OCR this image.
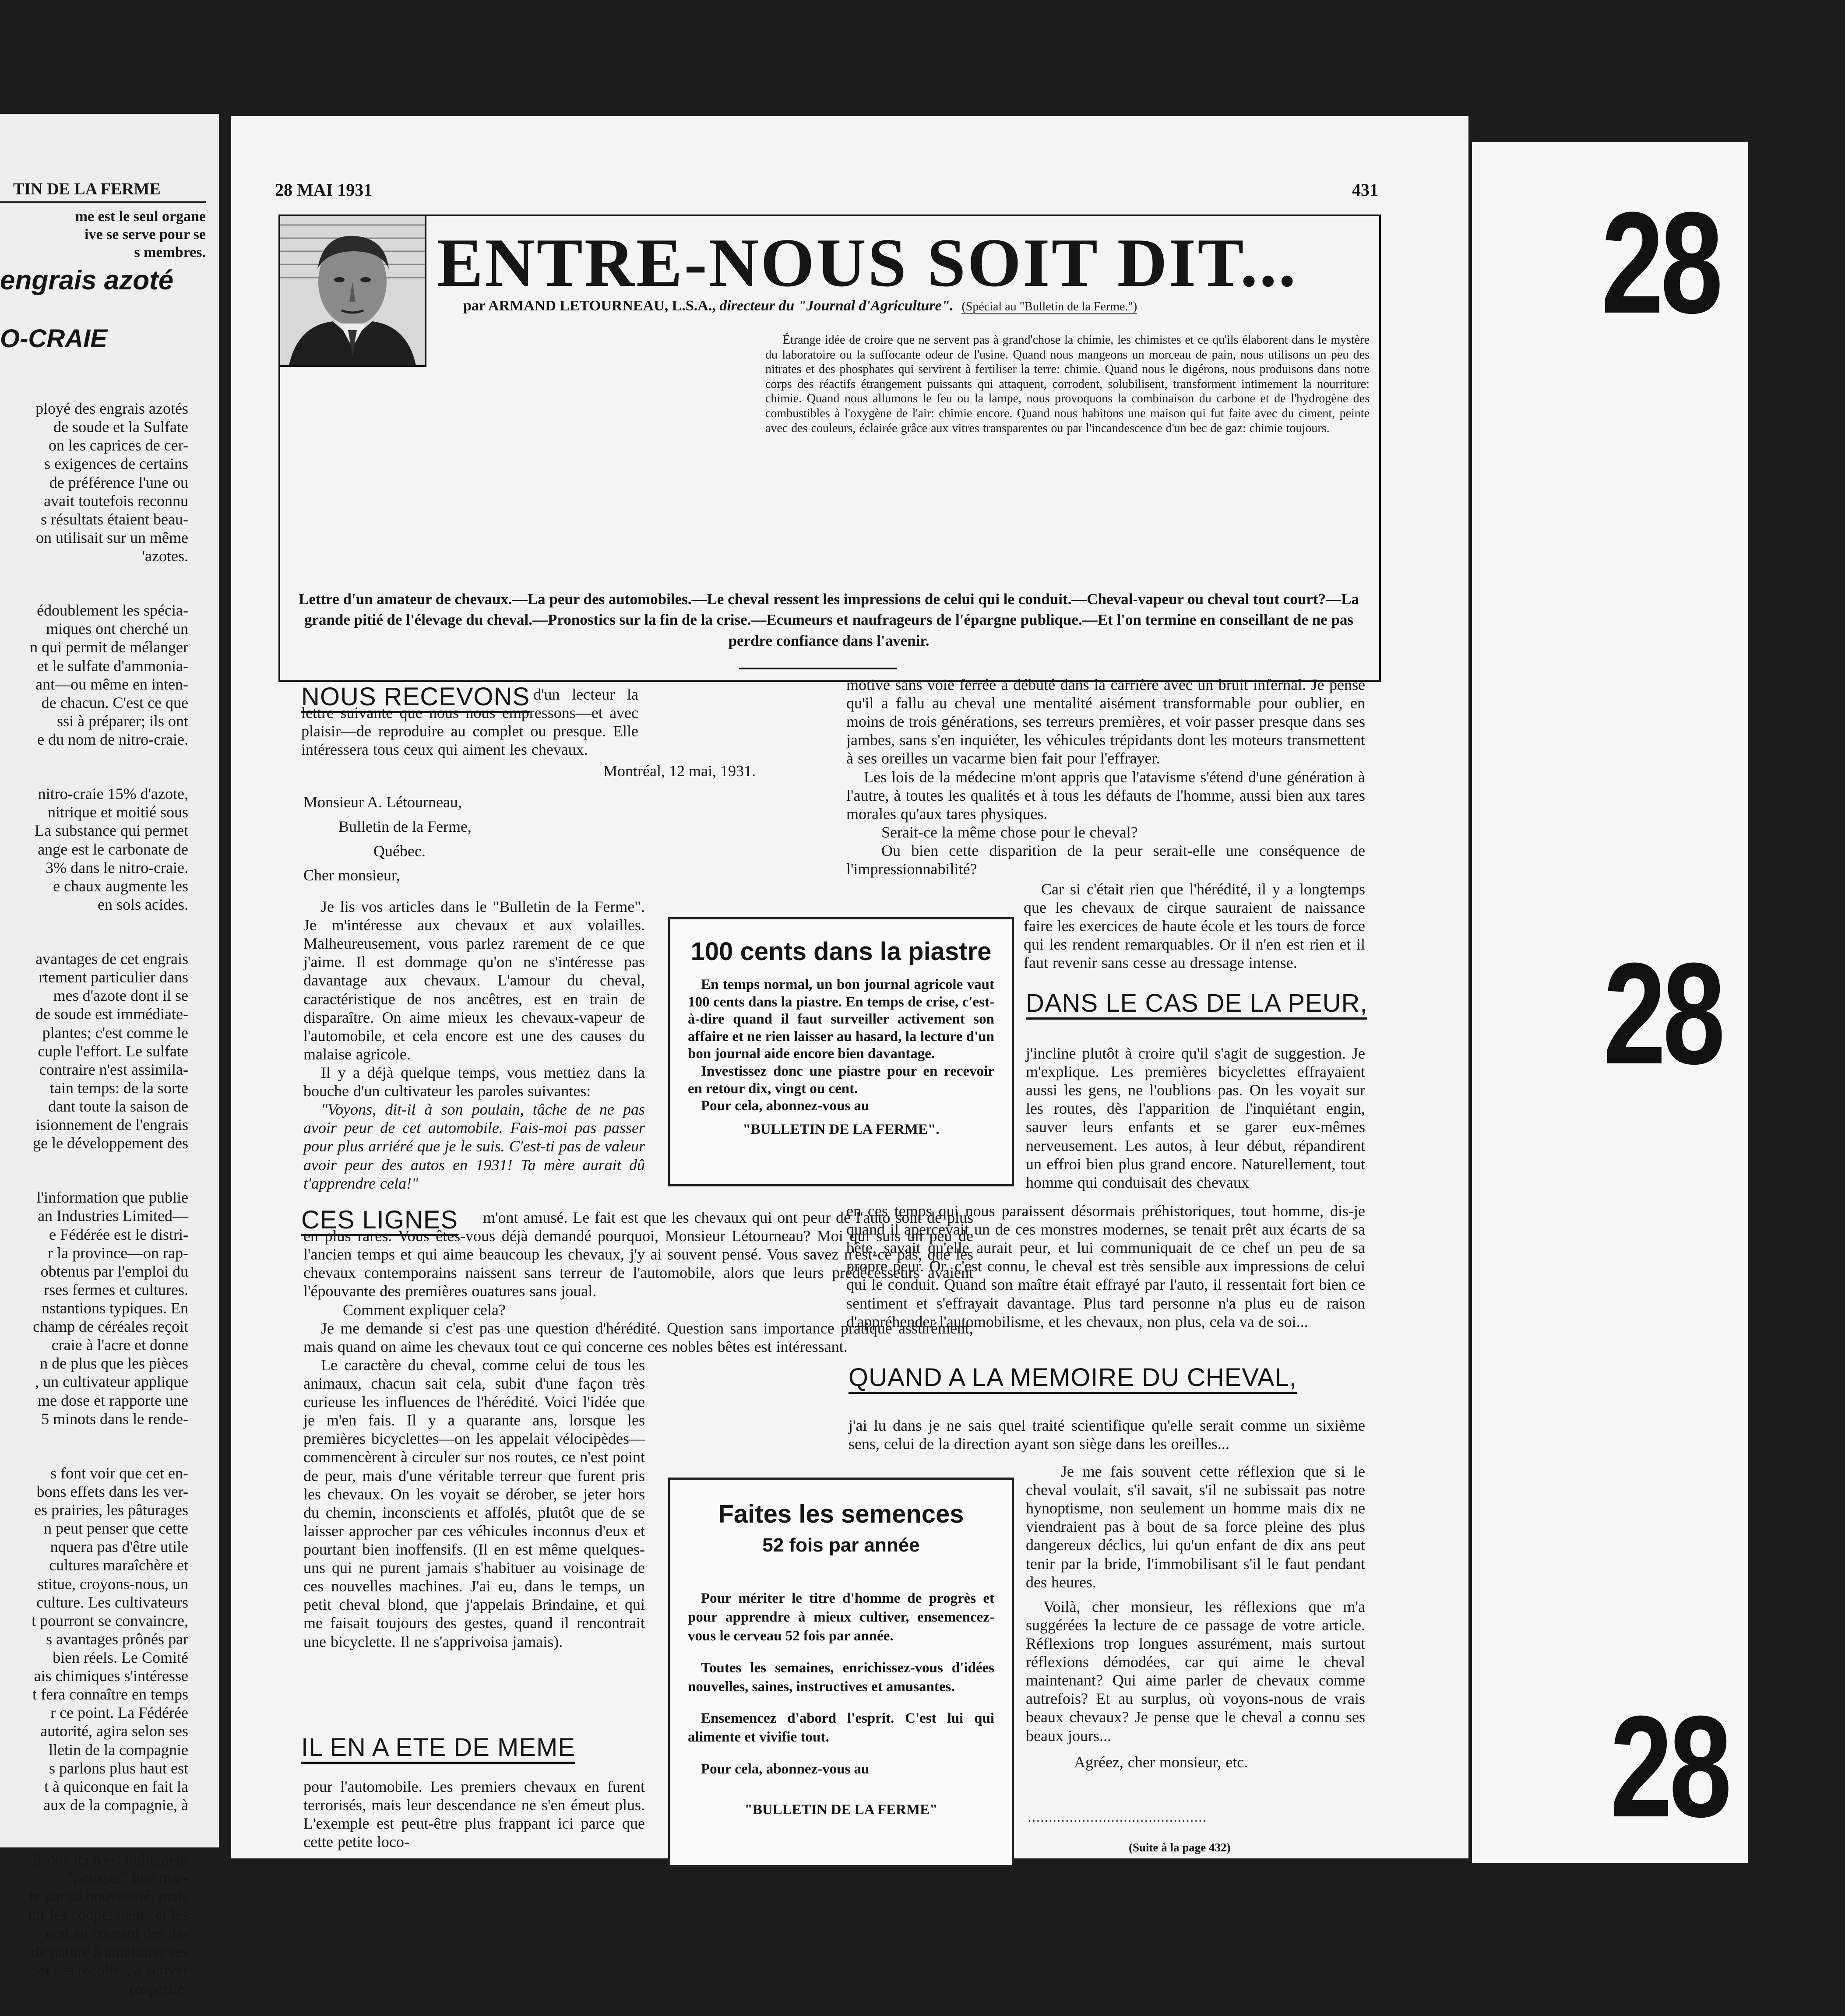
TIN DE LA FERME
me est le seul organe
ive se serve pour se
s membres.
engrais azoté
O-CRAIE

ployé des engrais azotés
de soude et la Sulfate
on les caprices de cer-
s exigences de certains
de préférence l'une ou
avait toutefois reconnu
s résultats étaient beau-
on utilisait sur un même
'azotes.

édoublement les spécia-
miques ont cherché un
n qui permit de mélanger
et le sulfate d'ammonia-
ant—ou même en inten-
de chacun. C'est ce que
ssi à préparer; ils ont
e du nom de nitro-craie.

nitro-craie 15% d'azote,
nitrique et moitié sous
La substance qui permet
ange est le carbonate de
3% dans le nitro-craie.
e chaux augmente les
en sols acides.

avantages de cet engrais
rtement particulier dans
mes d'azote dont il se
de soude est immédiate-
plantes; c'est comme le
cuple l'effort. Le sulfate
contraire n'est assimila-
tain temps: de la sorte
dant toute la saison de
isionnement de l'engrais
ge le développement des

l'information que publie
an Industries Limited—
e Fédérée est le distri-
r la province—on rap-
obtenus par l'emploi du
rses fermes et cultures.
nstantions typiques. En
champ de céréales reçoit
craie à l'acre et donne
n de plus que les pièces
, un cultivateur applique
me dose et rapporte une
5 minots dans le rende-

s font voir que cet en-
bons effets dans les ver-
es prairies, les pâturages
n peut penser que cette
nquera pas d'être utile
cultures maraîchère et
stitue, croyons-nous, un
culture. Les cultivateurs
t pourront se convaincre,
s avantages prônés par
bien réels. Le Comité
ais chimiques s'intéresse
t fera connaître en temps
r ce point. La Fédérée
autorité, agira selon ses
lletin de la compagnie
s parlons plus haut est
t à quiconque en fait la
aux de la compagnie, à

lisons ici n'est nullement
"pousser" une mar-
te par sa nouveauté, mais
nir les coopérateurs et les
éral au courant des dé-
de nature à améliorer ses
ser ses récoltes, à activer
rospérité.

28 MAI 1931	431
ENTRE-NOUS SOIT DIT...
par ARMAND LETOURNEAU, L.S.A., directeur du "Journal d'Agriculture". (Spécial au "Bulletin de la Ferme.")

Étrange idée de croire que ne servent pas à grand'chose la chimie, les chimistes et ce qu'ils élaborent dans le mystère du laboratoire ou la suffocante odeur de l'usine. Quand nous mangeons un morceau de pain, nous utilisons un peu des nitrates et des phosphates qui servirent à fertiliser la terre: chimie. Quand nous le digérons, nous produisons dans notre corps des réactifs étrangement puissants qui attaquent, corrodent, solubilisent, transforment intimement la nourriture: chimie. Quand nous allumons le feu ou la lampe, nous provoquons la combinaison du carbone et de l'hydrogène des combustibles à l'oxygène de l'air: chimie encore. Quand nous habitons une maison qui fut faite avec du ciment, peinte avec des couleurs, éclairée grâce aux vitres transparentes ou par l'incandescence d'un bec de gaz: chimie toujours.

Lettre d'un amateur de chevaux.—La peur des automobiles.—Le cheval ressent les impressions de celui qui le conduit.—Cheval-vapeur ou cheval tout court?—La grande pitié de l'élevage du cheval.—Pronostics sur la fin de la crise.—Ecumeurs et naufrageurs de l'épargne publique.—Et l'on termine en conseillant de ne pas perdre confiance dans l'avenir.
NOUS RECEVONS d'un lecteur la lettre suivante que nous nous empressons—et avec plaisir—de reproduire au complet ou presque. Elle intéressera tous ceux qui aiment les chevaux.

Montréal, 12 mai, 1931.
Monsieur A. Létourneau,
Bulletin de la Ferme,
Québec.
Cher monsieur,

Je lis vos articles dans le "Bulletin de la Ferme". Je m'intéresse aux chevaux et aux volailles. Malheureusement, vous parlez rarement de ce que j'aime. Il est dommage qu'on ne s'intéresse pas davantage aux chevaux. L'amour du cheval, caractéristique de nos ancêtres, est en train de disparaître. On aime mieux les chevaux-vapeur de l'automobile, et cela encore est une des causes du malaise agricole.

Il y a déjà quelque temps, vous mettiez dans la bouche d'un cultivateur les paroles suivantes:

"Voyons, dit-il à son poulain, tâche de ne pas avoir peur de cet automobile. Fais-moi pas passer pour plus arriéré que je le suis. C'est-ti pas de valeur avoir peur des autos en 1931! Ta mère aurait dû t'apprendre cela!"

100 cents dans la piastre
En temps normal, un bon journal agricole vaut 100 cents dans la piastre. En temps de crise, c'est-à-dire quand il faut surveiller activement son affaire et ne rien laisser au hasard, la lecture d'un bon journal aide encore bien davantage.
Investissez donc une piastre pour en recevoir en retour dix, vingt ou cent.
Pour cela, abonnez-vous au
"BULLETIN DE LA FERME".
CES LIGNES	m'ont amusé. Le fait est que les chevaux qui ont peur de l'auto sont de plus en plus rares. Vous êtes-vous déjà demandé pourquoi, Monsieur Létourneau? Moi qui suis un peu de l'ancien temps et qui aime beaucoup les chevaux, j'y ai souvent pensé. Vous savez n'est-ce pas, que les chevaux contemporains naissent sans terreur de l'automobile, alors que leurs prédécesseurs avaient l'épouvante des premières ouatures sans joual.

Comment expliquer cela?

Je me demande si c'est pas une question d'hérédité. Question sans importance pratique assurément, mais quand on aime les chevaux tout ce qui concerne ces nobles bêtes est intéressant.

Le caractère du cheval, comme celui de tous les animaux, chacun sait cela, subit d'une façon très curieuse les influences de l'hérédité. Voici l'idée que je m'en fais. Il y a quarante ans, lorsque les premières bicyclettes—on les appelait vélocipèdes—commencèrent à circuler sur nos routes, ce n'est point de peur, mais d'une véritable terreur que furent pris les chevaux. On les voyait se dérober, se jeter hors du chemin, inconscients et affolés, plutôt que de se laisser approcher par ces véhicules inconnus d'eux et pourtant bien inoffensifs. (Il en est même quelques-uns qui ne purent jamais s'habituer au voisinage de ces nouvelles machines. J'ai eu, dans le temps, un petit cheval blond, que j'appelais Brindaine, et qui me faisait toujours des gestes, quand il rencontrait une bicyclette. Il ne s'apprivoisa jamais).

Faites les semences
52 fois par année
Pour mériter le titre d'homme de progrès et pour apprendre à mieux cultiver, ensemencez-vous le cerveau 52 fois par année.
Toutes les semaines, enrichissez-vous d'idées nouvelles, saines, instructives et amusantes.
Ensemencez d'abord l'esprit. C'est lui qui alimente et vivifie tout.
Pour cela, abonnez-vous au
"BULLETIN DE LA FERME"
IL EN A ETE DE MEME

pour l'automobile. Les premiers chevaux en furent terrorisés, mais leur descendance ne s'en émeut plus. L'exemple est peut-être plus frappant ici parce que cette petite loco-

motive sans voie ferrée a débuté dans la carrière avec un bruit infernal. Je pense qu'il a fallu au cheval une mentalité aisément transformable pour oublier, en moins de trois générations, ses terreurs premières, et voir passer presque dans ses jambes, sans s'en inquiéter, les véhicules trépidants dont les moteurs transmettent à ses oreilles un vacarme bien fait pour l'effrayer.

Les lois de la médecine m'ont appris que l'atavisme s'étend d'une génération à l'autre, à toutes les qualités et à tous les défauts de l'homme, aussi bien aux tares morales qu'aux tares physiques.

Serait-ce la même chose pour le cheval?

Ou bien cette disparition de la peur serait-elle une conséquence de l'impressionnabilité?

Car si c'était rien que l'hérédité, il y a longtemps que les chevaux de cirque sauraient de naissance faire les exercices de haute école et les tours de force qui les rendent remarquables. Or il n'en est rien et il faut revenir sans cesse au dressage intense.

DANS LE CAS DE LA PEUR,

j'incline plutôt à croire qu'il s'agit de suggestion. Je m'explique. Les premières bicyclettes effrayaient aussi les gens, ne l'oublions pas. On les voyait sur les routes, dès l'apparition de l'inquiétant engin, sauver leurs enfants et se garer eux-mêmes nerveusement. Les autos, à leur début, répandirent un effroi bien plus grand encore. Naturellement, tout homme qui conduisait des chevaux

en ces temps qui nous paraissent désormais préhistoriques, tout homme, dis-je quand il apercevait un de ces monstres modernes, se tenait prêt aux écarts de sa bête, savait qu'elle aurait peur, et lui communiquait de ce chef un peu de sa propre peur. Or, c'est connu, le cheval est très sensible aux impressions de celui qui le conduit. Quand son maître était effrayé par l'auto, il ressentait fort bien ce sentiment et s'effrayait davantage. Plus tard personne n'a plus eu de raison d'appréhender l'automobilisme, et les chevaux, non plus, cela va de soi...

QUAND A LA MEMOIRE DU CHEVAL,

j'ai lu dans je ne sais quel traité scientifique qu'elle serait comme un sixième sens, celui de la direction ayant son siège dans les oreilles...

Je me fais souvent cette réflexion que si le cheval voulait, s'il savait, s'il ne subissait pas notre hynoptisme, non seulement un homme mais dix ne viendraient pas à bout de sa force pleine des plus dangereux déclics, lui qu'un enfant de dix ans peut tenir par la bride, l'immobilisant s'il le faut pendant des heures.

Voilà, cher monsieur, les réflexions que m'a suggérées la lecture de ce passage de votre article. Réflexions trop longues assurément, mais surtout réflexions démodées, car qui aime le cheval maintenant? Qui aime parler de chevaux comme autrefois? Et au surplus, où voyons-nous de vrais beaux chevaux? Je pense que le cheval a connu ses beaux jours...

Agréez, cher monsieur, etc.

...........................................
(Suite à la page 432)
28
28
28
